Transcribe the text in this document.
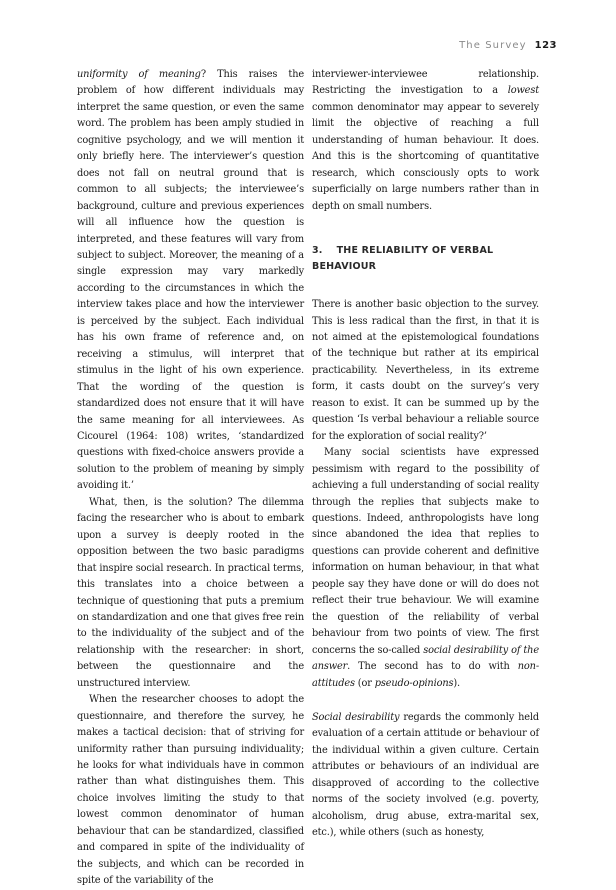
The Survey 123

uniformity of meaning? This raises the problem of how different individuals may interpret the same question, or even the same word. The problem has been amply studied in cognitive psychology, and we will mention it only briefly here. The interviewer’s question does not fall on neutral ground that is common to all subjects; the interviewee’s background, culture and previous experiences will all influence how the question is interpreted, and these features will vary from subject to subject. Moreover, the meaning of a single expression may vary markedly according to the circumstances in which the interview takes place and how the interviewer is perceived by the subject. Each individual has his own frame of reference and, on receiving a stimulus, will interpret that stimulus in the light of his own experience. That the wording of the question is standardized does not ensure that it will have the same meaning for all interviewees. As Cicourel (1964: 108) writes, ‘standardized questions with fixed-choice answers provide a solution to the problem of meaning by simply avoiding it.’

What, then, is the solution? The dilemma facing the researcher who is about to embark upon a survey is deeply rooted in the opposition between the two basic paradigms that inspire social research. In practical terms, this translates into a choice between a technique of questioning that puts a premium on standardization and one that gives free rein to the individuality of the subject and of the relationship with the researcher: in short, between the questionnaire and the unstructured interview.

When the researcher chooses to adopt the questionnaire, and therefore the survey, he makes a tactical decision: that of striving for uniformity rather than pursuing individuality; he looks for what individuals have in common rather than what distinguishes them. This choice involves limiting the study to that lowest common denominator of human behaviour that can be standardized, classified and compared in spite of the individuality of the subjects, and which can be recorded in spite of the variability of the

interviewer-interviewee relationship. Restricting the investigation to a lowest common denominator may appear to severely limit the objective of reaching a full understanding of human behaviour. It does. And this is the shortcoming of quantitative research, which consciously opts to work superficially on large numbers rather than in depth on small numbers.

3. THE RELIABILITY OF VERBAL BEHAVIOUR

There is another basic objection to the survey. This is less radical than the first, in that it is not aimed at the epistemological foundations of the technique but rather at its empirical practicability. Nevertheless, in its extreme form, it casts doubt on the survey’s very reason to exist. It can be summed up by the question ‘Is verbal behaviour a reliable source for the exploration of social reality?’

Many social scientists have expressed pessimism with regard to the possibility of achieving a full understanding of social reality through the replies that subjects make to questions. Indeed, anthropologists have long since abandoned the idea that replies to questions can provide coherent and definitive information on human behaviour, in that what people say they have done or will do does not reflect their true behaviour. We will examine the question of the reliability of verbal behaviour from two points of view. The first concerns the so-called social desirability of the answer. The second has to do with non-attitudes (or pseudo-opinions).

Social desirability regards the commonly held evaluation of a certain attitude or behaviour of the individual within a given culture. Certain attributes or behaviours of an individual are disapproved of according to the collective norms of the society involved (e.g. poverty, alcoholism, drug abuse, extra-marital sex, etc.), while others (such as honesty,
